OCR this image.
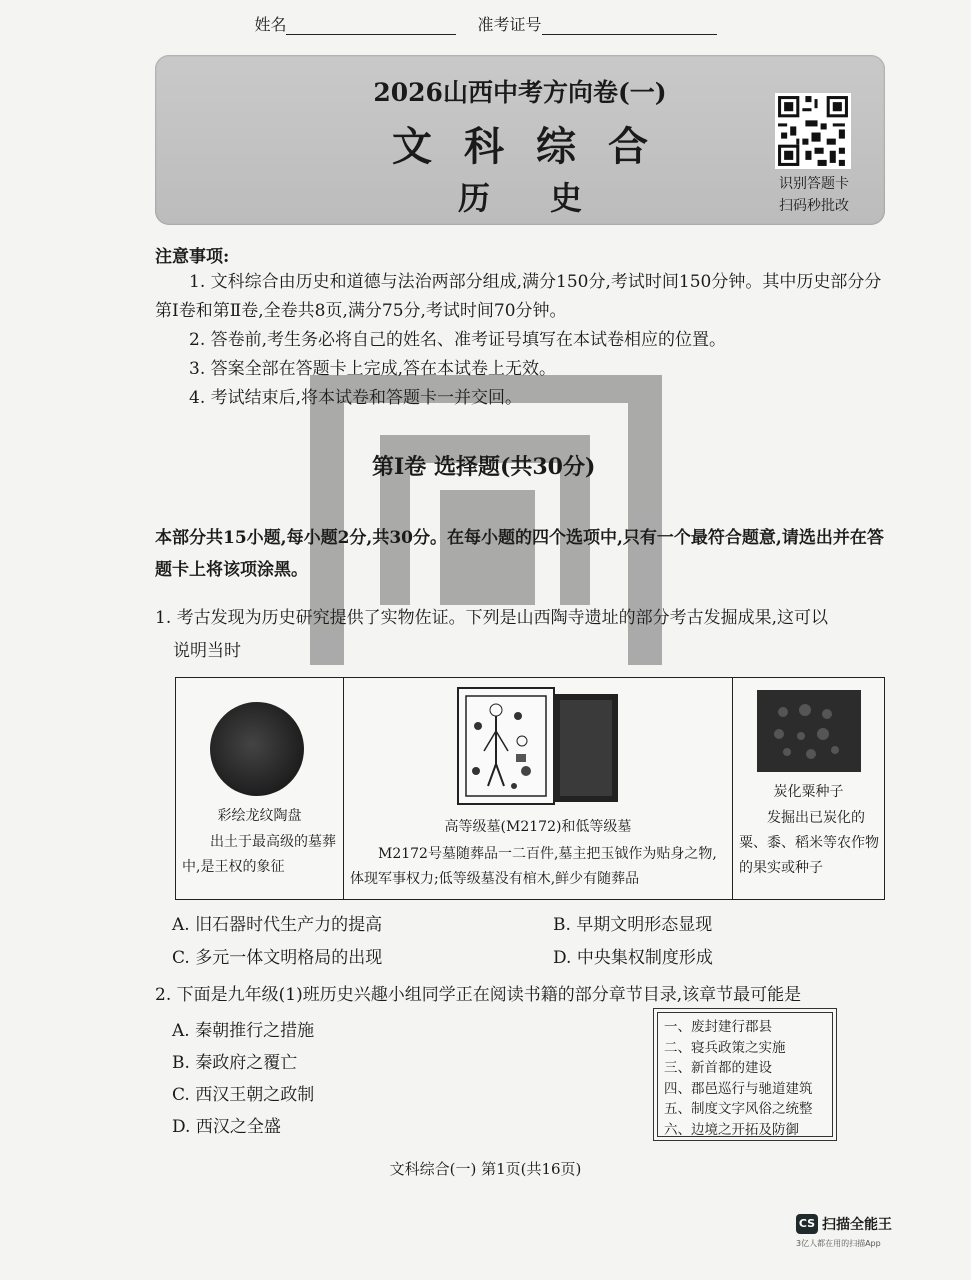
姓名	准考证号
2026山西中考方向卷(一)
文科综合
历史	识别答题卡
扫码秒批改
注意事项:
1. 文科综合由历史和道德与法治两部分组成,满分150分,考试时间150分钟。其中历史部分分第Ⅰ卷和第Ⅱ卷,全卷共8页,满分75分,考试时间70分钟。
2. 答卷前,考生务必将自己的姓名、准考证号填写在本试卷相应的位置。
3. 答案全部在答题卡上完成,答在本试卷上无效。
4. 考试结束后,将本试卷和答题卡一并交回。
第Ⅰ卷 选择题(共30分)
本部分共15小题,每小题2分,共30分。在每小题的四个选项中,只有一个最符合题意,请选出并在答题卡上将该项涂黑。
1. 考古发现为历史研究提供了实物佐证。下列是山西陶寺遗址的部分考古发掘成果,这可以
说明当时
彩绘龙纹陶盘
出土于最高级的墓葬中,是王权的象征
高等级墓(M2172)和低等级墓
M2172号墓随葬品一二百件,墓主把玉钺作为贴身之物,体现军事权力;低等级墓没有棺木,鲜少有随葬品
炭化粟种子
发掘出已炭化的粟、黍、稻米等农作物的果实或种子
A. 旧石器时代生产力的提高	B. 早期文明形态显现
C. 多元一体文明格局的出现	D. 中央集权制度形成
2. 下面是九年级(1)班历史兴趣小组同学正在阅读书籍的部分章节目录,该章节最可能是
A. 秦朝推行之措施
B. 秦政府之覆亡
C. 西汉王朝之政制
D. 西汉之全盛
一、废封建行郡县
二、寝兵政策之实施
三、新首都的建设
四、郡邑巡行与驰道建筑
五、制度文字风俗之统整
六、边境之开拓及防御
文科综合(一) 第1页(共16页)
CS 扫描全能王
3亿人都在用的扫描App
